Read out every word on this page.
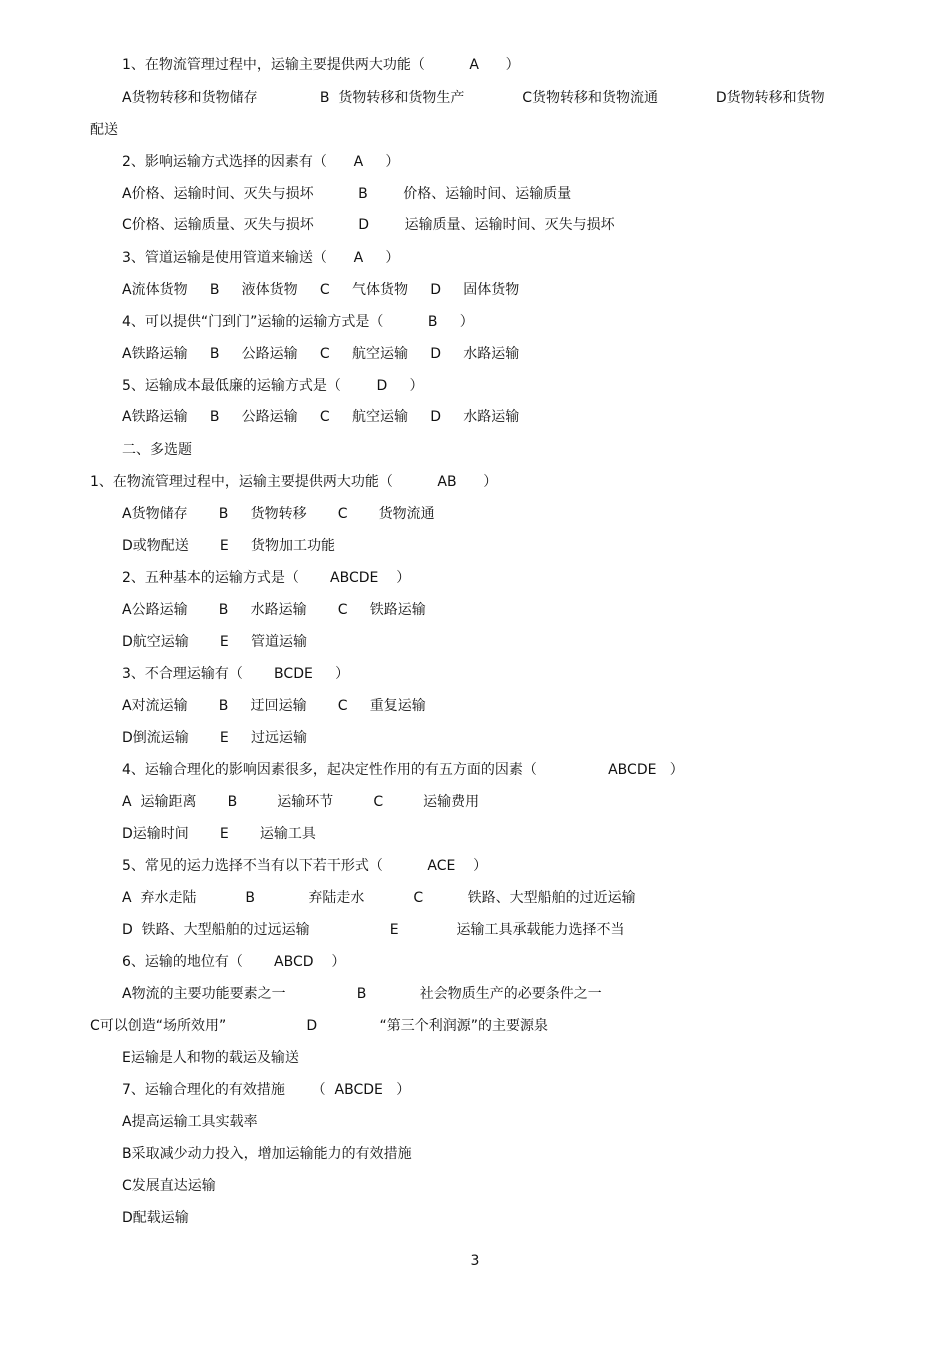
1、在物流管理过程中，运输主要提供两大功能（          A      ）
A货物转移和货物储存              B  货物转移和货物生产             C货物转移和货物流通             D货物转移和货物
配送
2、影响运输方式选择的因素有（      A     ）
A价格、运输时间、灭失与损坏          B        价格、运输时间、运输质量
C价格、运输质量、灭失与损坏          D        运输质量、运输时间、灭失与损坏
3、管道运输是使用管道来输送（      A     ）
A流体货物     B     液体货物     C     气体货物     D     固体货物
4、可以提供“门到门”运输的运输方式是（          B     ）
A铁路运输     B     公路运输     C     航空运输     D     水路运输
5、运输成本最低廉的运输方式是（        D     ）
A铁路运输     B     公路运输     C     航空运输     D     水路运输
二、多选题
1、在物流管理过程中，运输主要提供两大功能（          AB      ）
A货物储存       B     货物转移       C       货物流通
D或物配送       E     货物加工功能
2、五种基本的运输方式是（       ABCDE    ）
A公路运输       B     水路运输       C     铁路运输
D航空运输       E     管道运输
3、不合理运输有（       BCDE     ）
A对流运输       B     迂回运输       C     重复运输
D倒流运输       E     过远运输
4、运输合理化的影响因素很多，起决定性作用的有五方面的因素（                ABCDE   ）
A  运输距离       B         运输环节         C         运输费用
D运输时间       E       运输工具
5、常见的运力选择不当有以下若干形式（          ACE    ）
A  弃水走陆           B            弃陆走水           C          铁路、大型船舶的过近运输
D  铁路、大型船舶的过远运输                  E             运输工具承载能力选择不当
6、运输的地位有（       ABCD    ）
A物流的主要功能要素之一                B            社会物质生产的必要条件之一
C可以创造“场所效用”                  D              “第三个利润源”的主要源泉
E运输是人和物的载运及输送
7、运输合理化的有效措施      （  ABCDE   ）
A提高运输工具实载率
B采取减少动力投入，增加运输能力的有效措施
C发展直达运输
D配载运输
3
